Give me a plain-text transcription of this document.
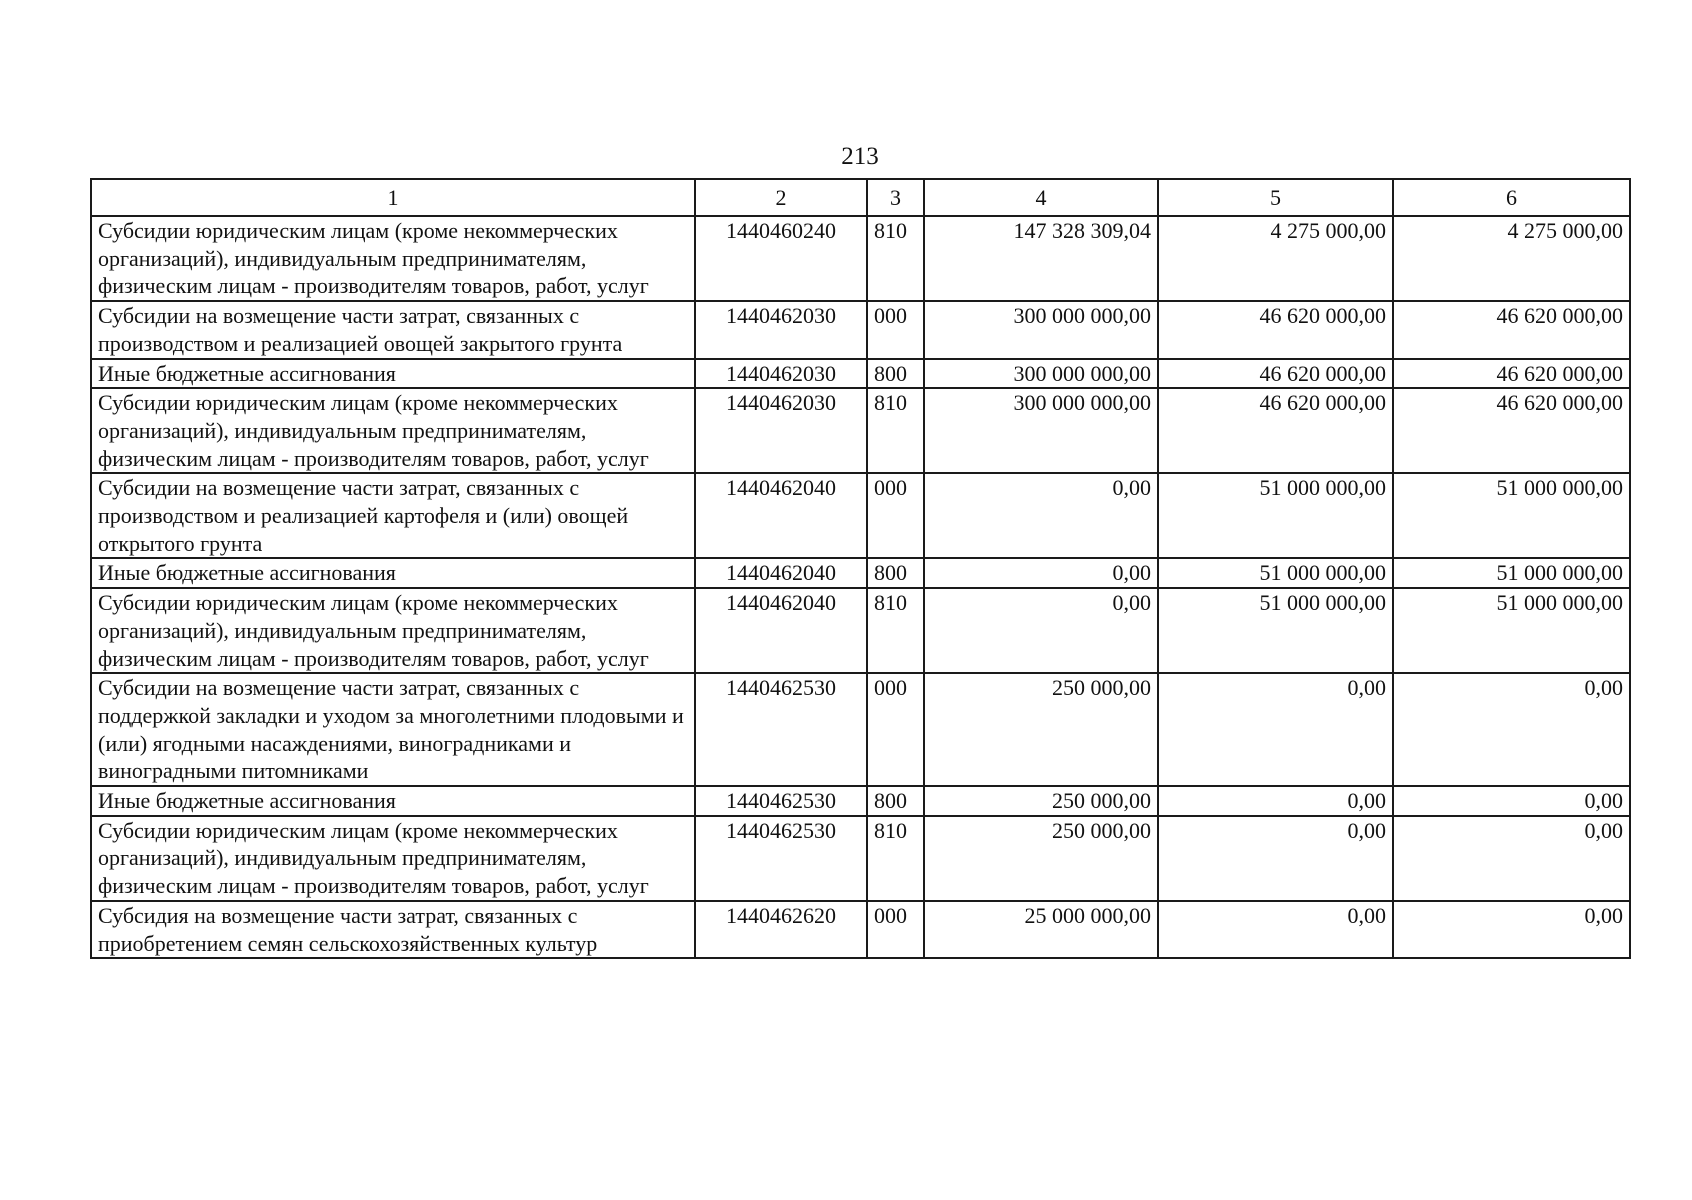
213
1	2	3	4	5	6
Субсидии юридическим лицам (кроме некоммерческих организаций), индивидуальным предпринимателям, физическим лицам - производителям товаров, работ, услуг	1440460240	810	147 328 309,04	4 275 000,00	4 275 000,00
Субсидии на возмещение части затрат, связанных с производством и реализацией овощей закрытого грунта	1440462030	000	300 000 000,00	46 620 000,00	46 620 000,00
Иные бюджетные ассигнования	1440462030	800	300 000 000,00	46 620 000,00	46 620 000,00
Субсидии юридическим лицам (кроме некоммерческих организаций), индивидуальным предпринимателям, физическим лицам - производителям товаров, работ, услуг	1440462030	810	300 000 000,00	46 620 000,00	46 620 000,00
Субсидии на возмещение части затрат, связанных с производством и реализацией картофеля и (или) овощей открытого грунта	1440462040	000	0,00	51 000 000,00	51 000 000,00
Иные бюджетные ассигнования	1440462040	800	0,00	51 000 000,00	51 000 000,00
Субсидии юридическим лицам (кроме некоммерческих организаций), индивидуальным предпринимателям, физическим лицам - производителям товаров, работ, услуг	1440462040	810	0,00	51 000 000,00	51 000 000,00
Субсидии на возмещение части затрат, связанных с поддержкой закладки и уходом за многолетними плодовыми и (или) ягодными насаждениями, виноградниками и виноградными питомниками	1440462530	000	250 000,00	0,00	0,00
Иные бюджетные ассигнования	1440462530	800	250 000,00	0,00	0,00
Субсидии юридическим лицам (кроме некоммерческих организаций), индивидуальным предпринимателям, физическим лицам - производителям товаров, работ, услуг	1440462530	810	250 000,00	0,00	0,00
Субсидия на возмещение части затрат, связанных с приобретением семян сельскохозяйственных культур	1440462620	000	25 000 000,00	0,00	0,00
